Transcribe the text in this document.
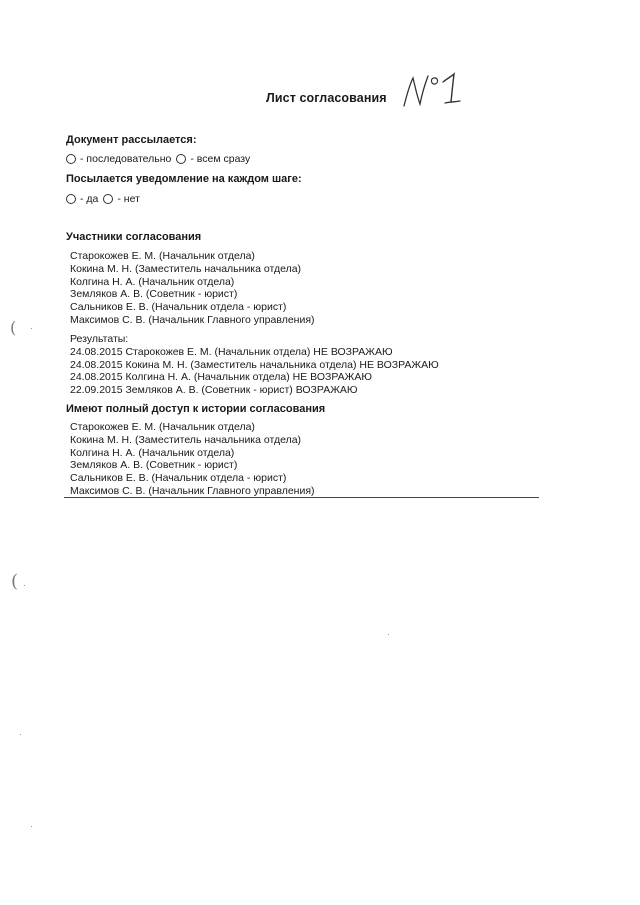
Лист согласования
Документ рассылается:
- последовательно - всем сразу
Посылается уведомление на каждом шаге:
- да - нет
Участники согласования
Старокожев Е. М. (Начальник отдела)
Кокина М. Н. (Заместитель начальника отдела)
Колгина Н. А. (Начальник отдела)
Земляков А. В. (Советник - юрист)
Сальников Е. В. (Начальник отдела - юрист)
Максимов С. В. (Начальник Главного управления)
Результаты:
24.08.2015 Старокожев Е. М. (Начальник отдела) НЕ ВОЗРАЖАЮ
24.08.2015 Кокина М. Н. (Заместитель начальника отдела) НЕ ВОЗРАЖАЮ
24.08.2015 Колгина Н. А. (Начальник отдела) НЕ ВОЗРАЖАЮ
22.09.2015 Земляков А. В. (Советник - юрист) ВОЗРАЖАЮ
Имеют полный доступ к истории согласования
Старокожев Е. М. (Начальник отдела)
Кокина М. Н. (Заместитель начальника отдела)
Колгина Н. А. (Начальник отдела)
Земляков А. В. (Советник - юрист)
Сальников Е. В. (Начальник отдела - юрист)
Максимов С. В. (Начальник Главного управления)
(
(
